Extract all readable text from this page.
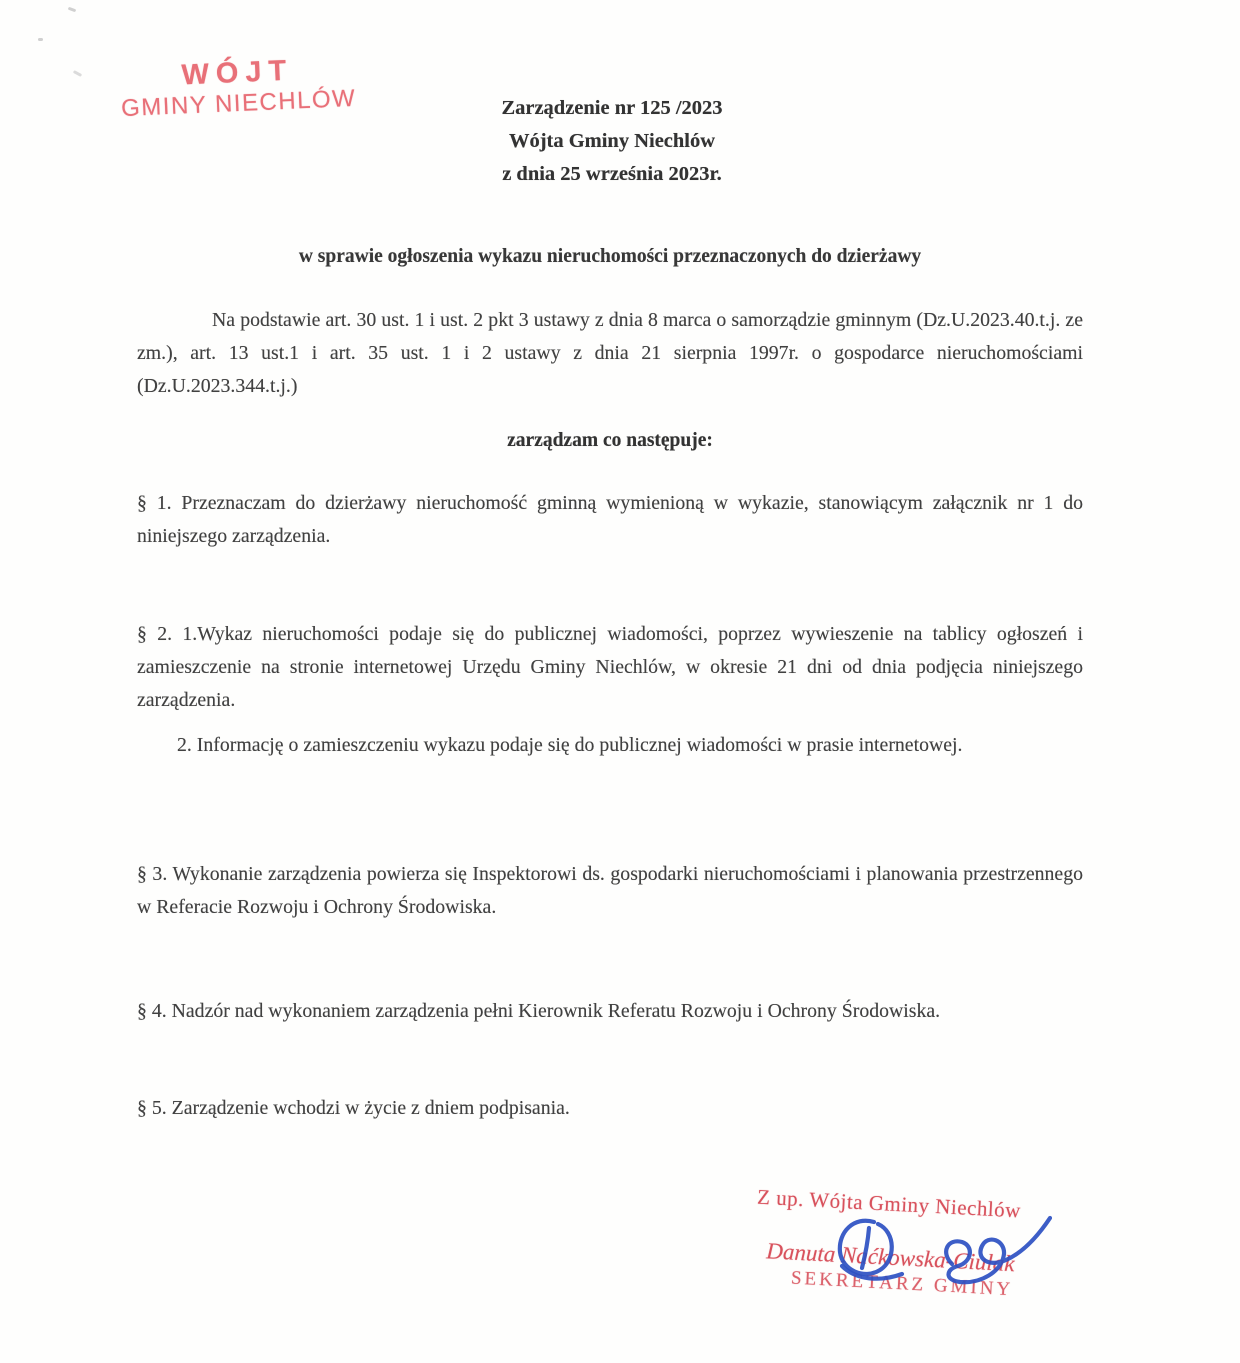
WÓJT
GMINY NIECHLÓW	Zarządzenie nr 125 /2023
Wójta Gminy Niechlów
z dnia 25 września 2023r.
w sprawie ogłoszenia wykazu nieruchomości przeznaczonych do dzierżawy
Na podstawie art. 30 ust. 1 i ust. 2 pkt 3 ustawy z dnia 8 marca o samorządzie gminnym (Dz.U.2023.40.t.j. ze zm.), art. 13 ust.1 i art. 35 ust. 1 i 2 ustawy z dnia 21 sierpnia 1997r. o gospodarce nieruchomościami (Dz.U.2023.344.t.j.)
zarządzam co następuje:
§ 1. Przeznaczam do dzierżawy nieruchomość gminną wymienioną w wykazie, stanowiącym załącznik nr 1 do niniejszego zarządzenia.
§ 2. 1.Wykaz nieruchomości podaje się do publicznej wiadomości, poprzez wywieszenie na tablicy ogłoszeń i zamieszczenie na stronie internetowej Urzędu Gminy Niechlów, w okresie 21 dni od dnia podjęcia niniejszego zarządzenia.
2. Informację o zamieszczeniu wykazu podaje się do publicznej wiadomości w prasie internetowej.
§ 3. Wykonanie zarządzenia powierza się Inspektorowi ds. gospodarki nieruchomościami i planowania przestrzennego w Referacie Rozwoju i Ochrony Środowiska.
§ 4. Nadzór nad wykonaniem zarządzenia pełni Kierownik Referatu Rozwoju i Ochrony Środowiska.
§ 5. Zarządzenie wchodzi w życie z dniem podpisania.
Z up. Wójta Gminy Niechlów
Danuta Naćkowska-Ciulak
SEKRETARZ GMINY
